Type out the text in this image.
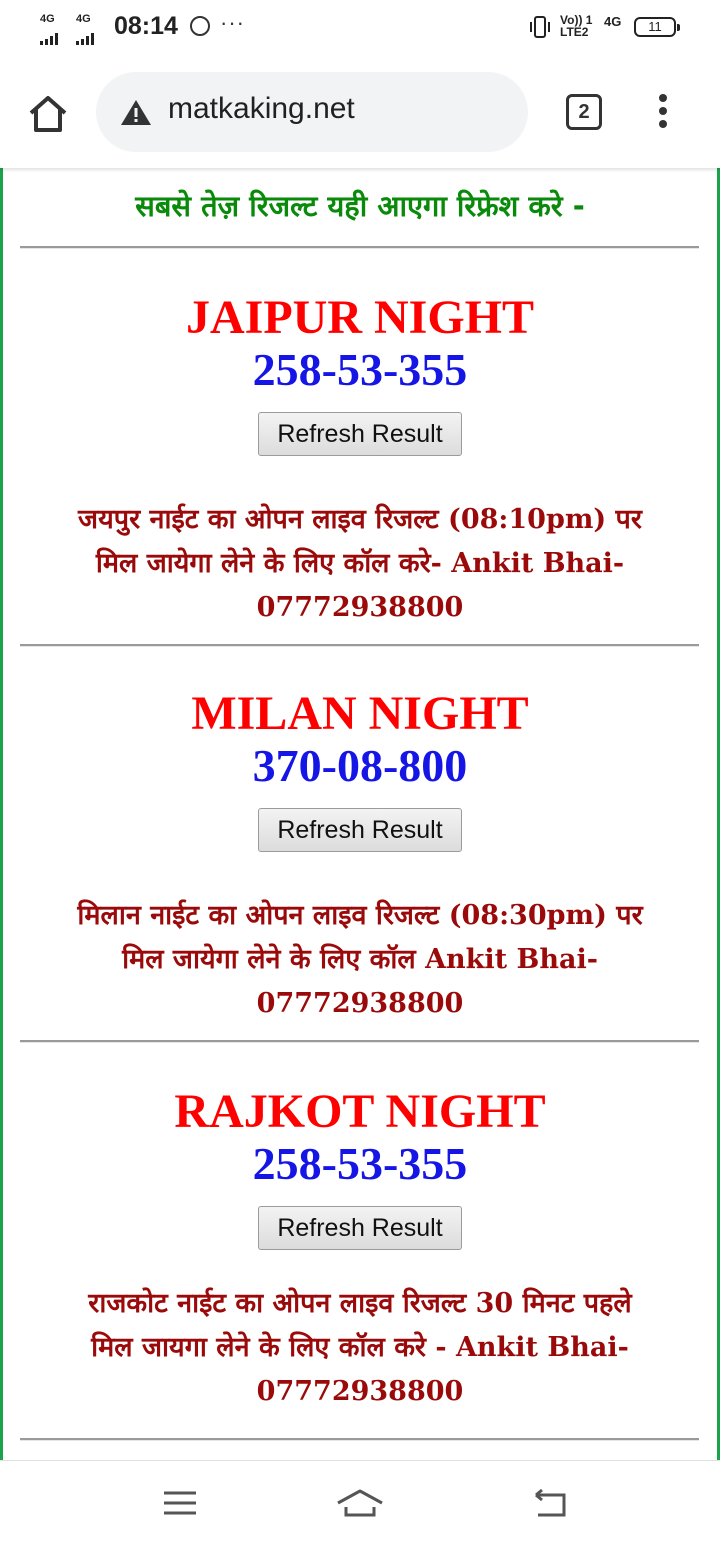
4G 4G 08:14 ···	Vo)) 1
LTE2
4G	11
matkaking.net	2
सबसे तेज़ रिजल्ट यही आएगा रिफ्रेश करे -
JAIPUR NIGHT
258-53-355
Refresh Result
जयपुर नाईट का ओपन लाइव रिजल्ट (08:10pm) पर
मिल जायेगा लेने के लिए कॉल करे- Ankit Bhai-
07772938800
MILAN NIGHT
370-08-800
Refresh Result
मिलान नाईट का ओपन लाइव रिजल्ट (08:30pm) पर
मिल जायेगा लेने के लिए कॉल Ankit Bhai-
07772938800
RAJKOT NIGHT
258-53-355
Refresh Result
राजकोट नाईट का ओपन लाइव रिजल्ट 30 मिनट पहले
मिल जायगा लेने के लिए कॉल करे - Ankit Bhai-
07772938800
